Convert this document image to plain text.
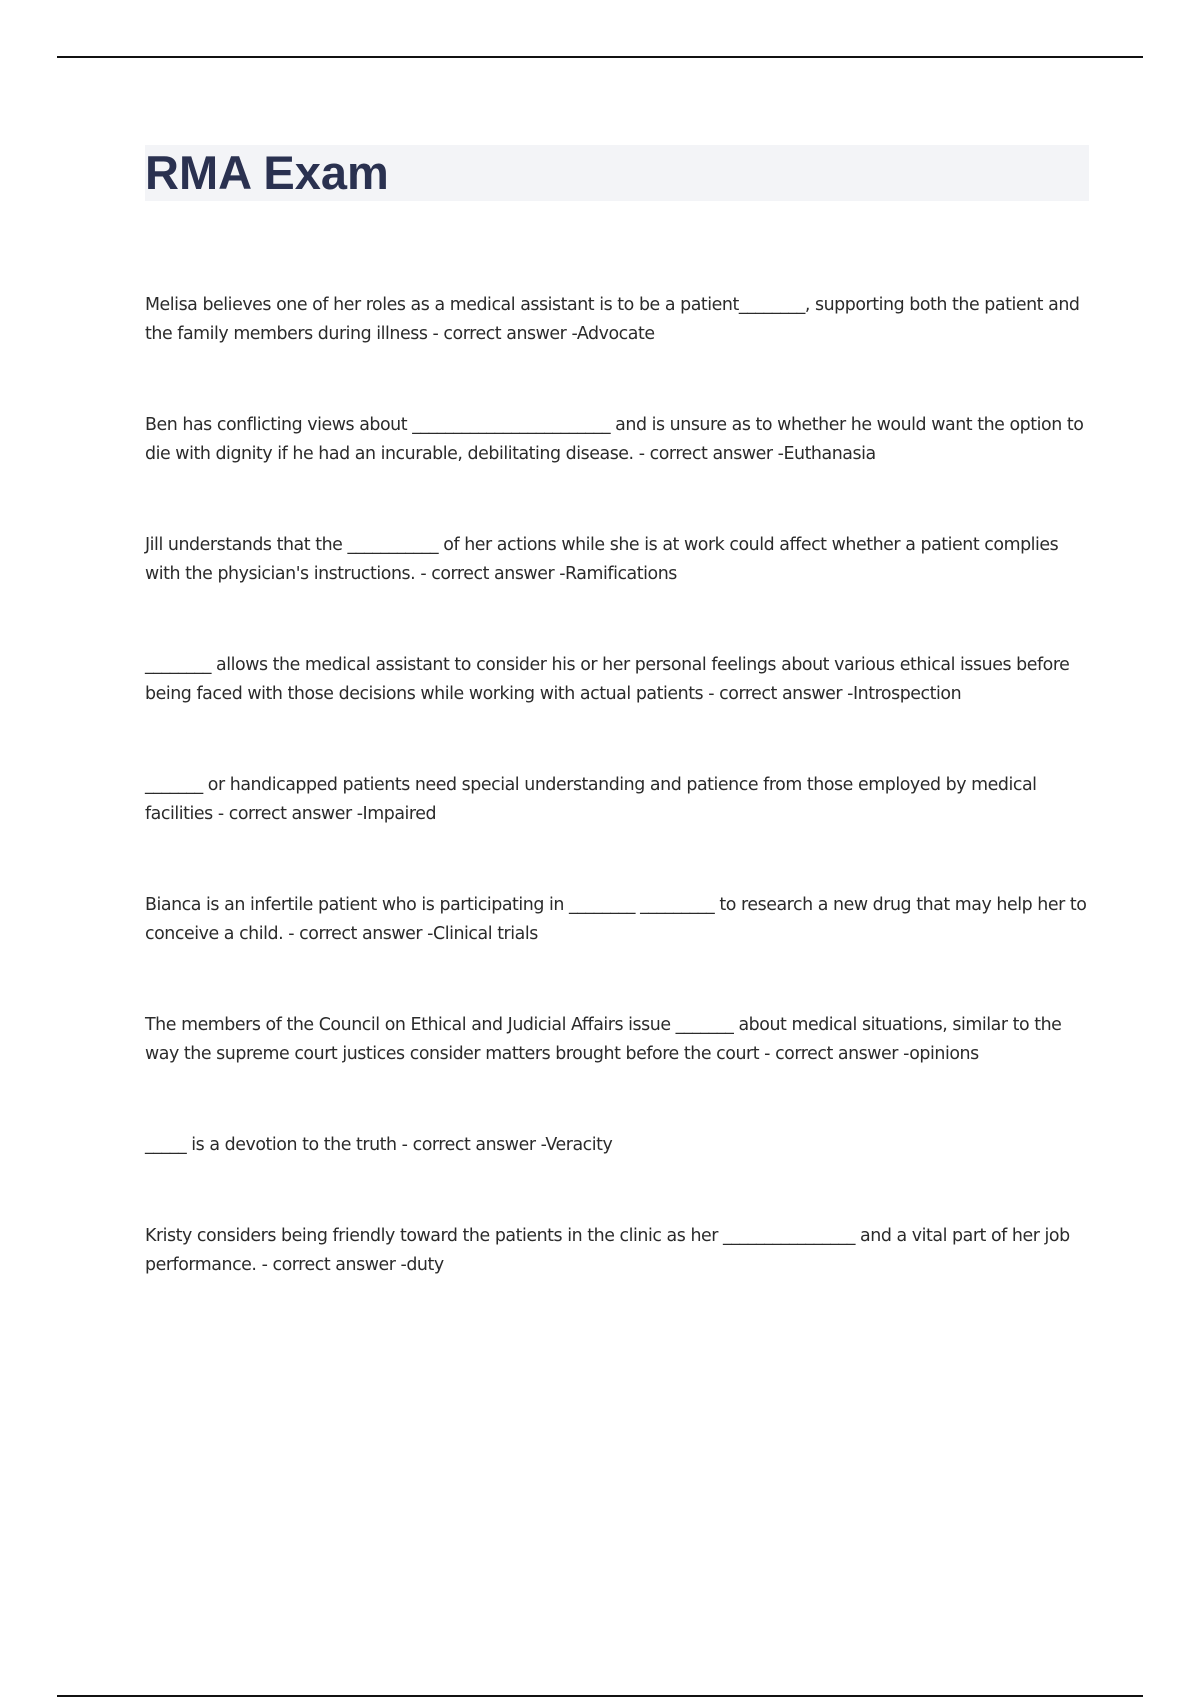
RMA Exam
Melisa believes one of her roles as a medical assistant is to be a patient________, supporting both the patient and the family members during illness - correct answer -Advocate
Ben has conflicting views about ________________________ and is unsure as to whether he would want the option to die with dignity if he had an incurable, debilitating disease. - correct answer -Euthanasia
Jill understands that the ___________ of her actions while she is at work could affect whether a patient complies with the physician's instructions. - correct answer -Ramifications
________ allows the medical assistant to consider his or her personal feelings about various ethical issues before being faced with those decisions while working with actual patients - correct answer -Introspection
_______ or handicapped patients need special understanding and patience from those employed by medical facilities - correct answer -Impaired
Bianca is an infertile patient who is participating in ________ _________ to research a new drug that may help her to conceive a child. - correct answer -Clinical trials
The members of the Council on Ethical and Judicial Affairs issue _______ about medical situations, similar to the way the supreme court justices consider matters brought before the court - correct answer -opinions
_____ is a devotion to the truth - correct answer -Veracity
Kristy considers being friendly toward the patients in the clinic as her ________________ and a vital part of her job performance. - correct answer -duty
